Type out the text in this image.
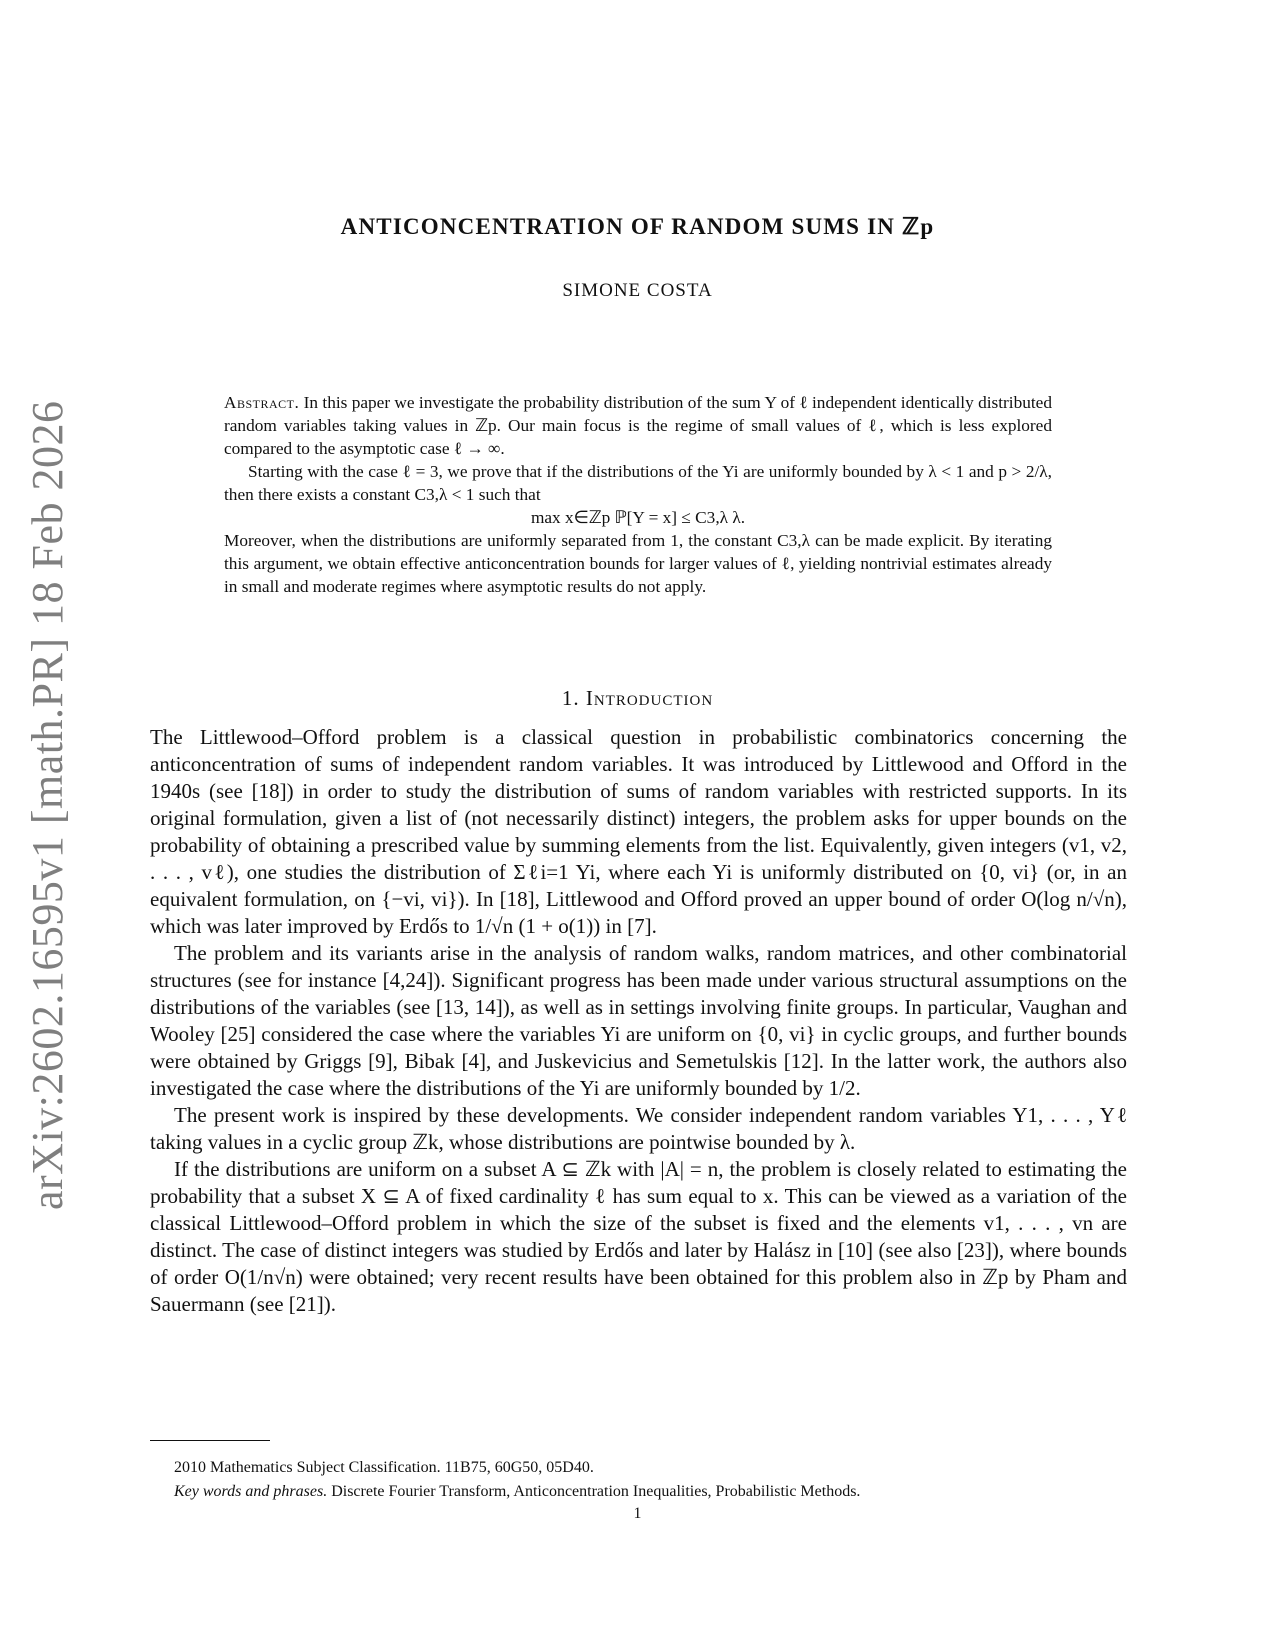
arXiv:2602.16595v1 [math.PR] 18 Feb 2026
ANTICONCENTRATION OF RANDOM SUMS IN ℤp
SIMONE COSTA

Abstract. In this paper we investigate the probability distribution of the sum Y of ℓ independent identically distributed random variables taking values in ℤp. Our main focus is the regime of small values of ℓ, which is less explored compared to the asymptotic case ℓ → ∞.

Starting with the case ℓ = 3, we prove that if the distributions of the Yi are uniformly bounded by λ < 1 and p > 2/λ, then there exists a constant C3,λ < 1 such that

max x∈ℤp ℙ[Y = x] ≤ C3,λ λ.

Moreover, when the distributions are uniformly separated from 1, the constant C3,λ can be made explicit. By iterating this argument, we obtain effective anticoncentration bounds for larger values of ℓ, yielding nontrivial estimates already in small and moderate regimes where asymptotic results do not apply.

1. Introduction

The Littlewood–Offord problem is a classical question in probabilistic combinatorics concerning the anticoncentration of sums of independent random variables. It was introduced by Littlewood and Offord in the 1940s (see [18]) in order to study the distribution of sums of random variables with restricted supports. In its original formulation, given a list of (not necessarily distinct) integers, the problem asks for upper bounds on the probability of obtaining a prescribed value by summing elements from the list. Equivalently, given integers (v1, v2, . . . , vℓ), one studies the distribution of Σℓi=1 Yi, where each Yi is uniformly distributed on {0, vi} (or, in an equivalent formulation, on {−vi, vi}). In [18], Littlewood and Offord proved an upper bound of order O(log n/√n), which was later improved by Erdős to 1/√n (1 + o(1)) in [7].

The problem and its variants arise in the analysis of random walks, random matrices, and other combinatorial structures (see for instance [4,24]). Significant progress has been made under various structural assumptions on the distributions of the variables (see [13, 14]), as well as in settings involving finite groups. In particular, Vaughan and Wooley [25] considered the case where the variables Yi are uniform on {0, vi} in cyclic groups, and further bounds were obtained by Griggs [9], Bibak [4], and Juskevicius and Semetulskis [12]. In the latter work, the authors also investigated the case where the distributions of the Yi are uniformly bounded by 1/2.

The present work is inspired by these developments. We consider independent random variables Y1, . . . , Yℓ taking values in a cyclic group ℤk, whose distributions are pointwise bounded by λ.

If the distributions are uniform on a subset A ⊆ ℤk with |A| = n, the problem is closely related to estimating the probability that a subset X ⊆ A of fixed cardinality ℓ has sum equal to x. This can be viewed as a variation of the classical Littlewood–Offord problem in which the size of the subset is fixed and the elements v1, . . . , vn are distinct. The case of distinct integers was studied by Erdős and later by Halász in [10] (see also [23]), where bounds of order O(1/n√n) were obtained; very recent results have been obtained for this problem also in ℤp by Pham and Sauermann (see [21]).

2010 Mathematics Subject Classification. 11B75, 60G50, 05D40.
Key words and phrases. Discrete Fourier Transform, Anticoncentration Inequalities, Probabilistic Methods.
1
